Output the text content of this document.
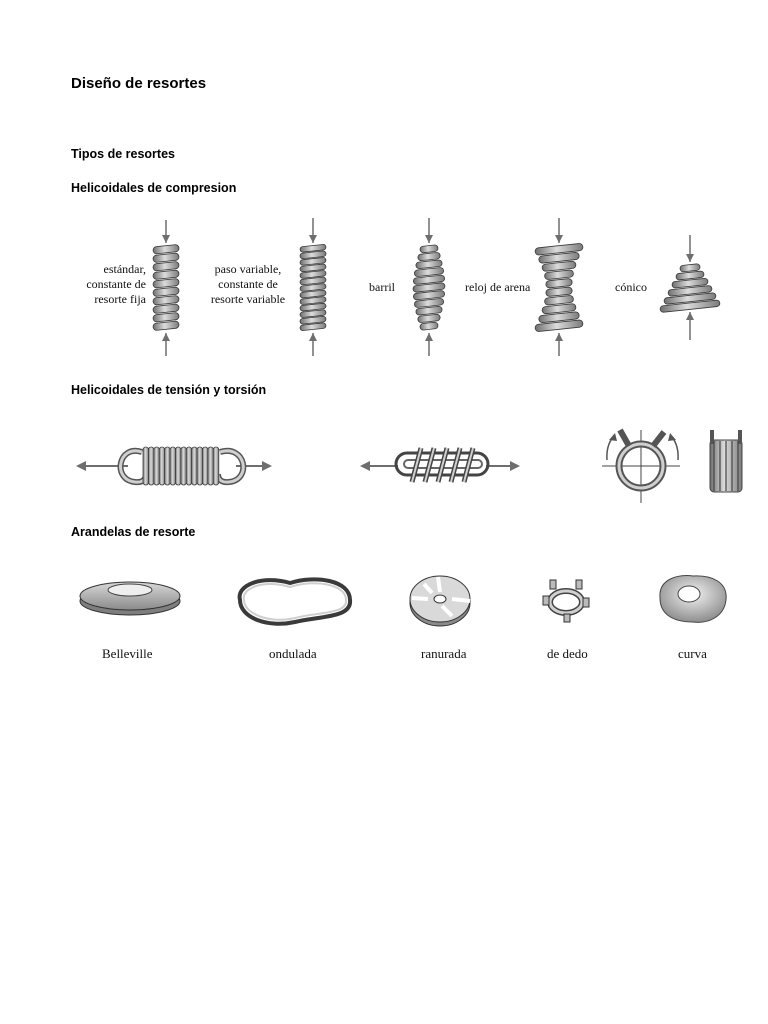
Diseño de resortes
Tipos de resortes
Helicoidales de compresion
Helicoidales de tensión y torsión
Arandelas de resorte
estándar,
constante de
resorte fija
paso variable,
constante de
resorte variable
barril	reloj de arena	cónico
Belleville	ondulada	ranurada	de dedo	curva
